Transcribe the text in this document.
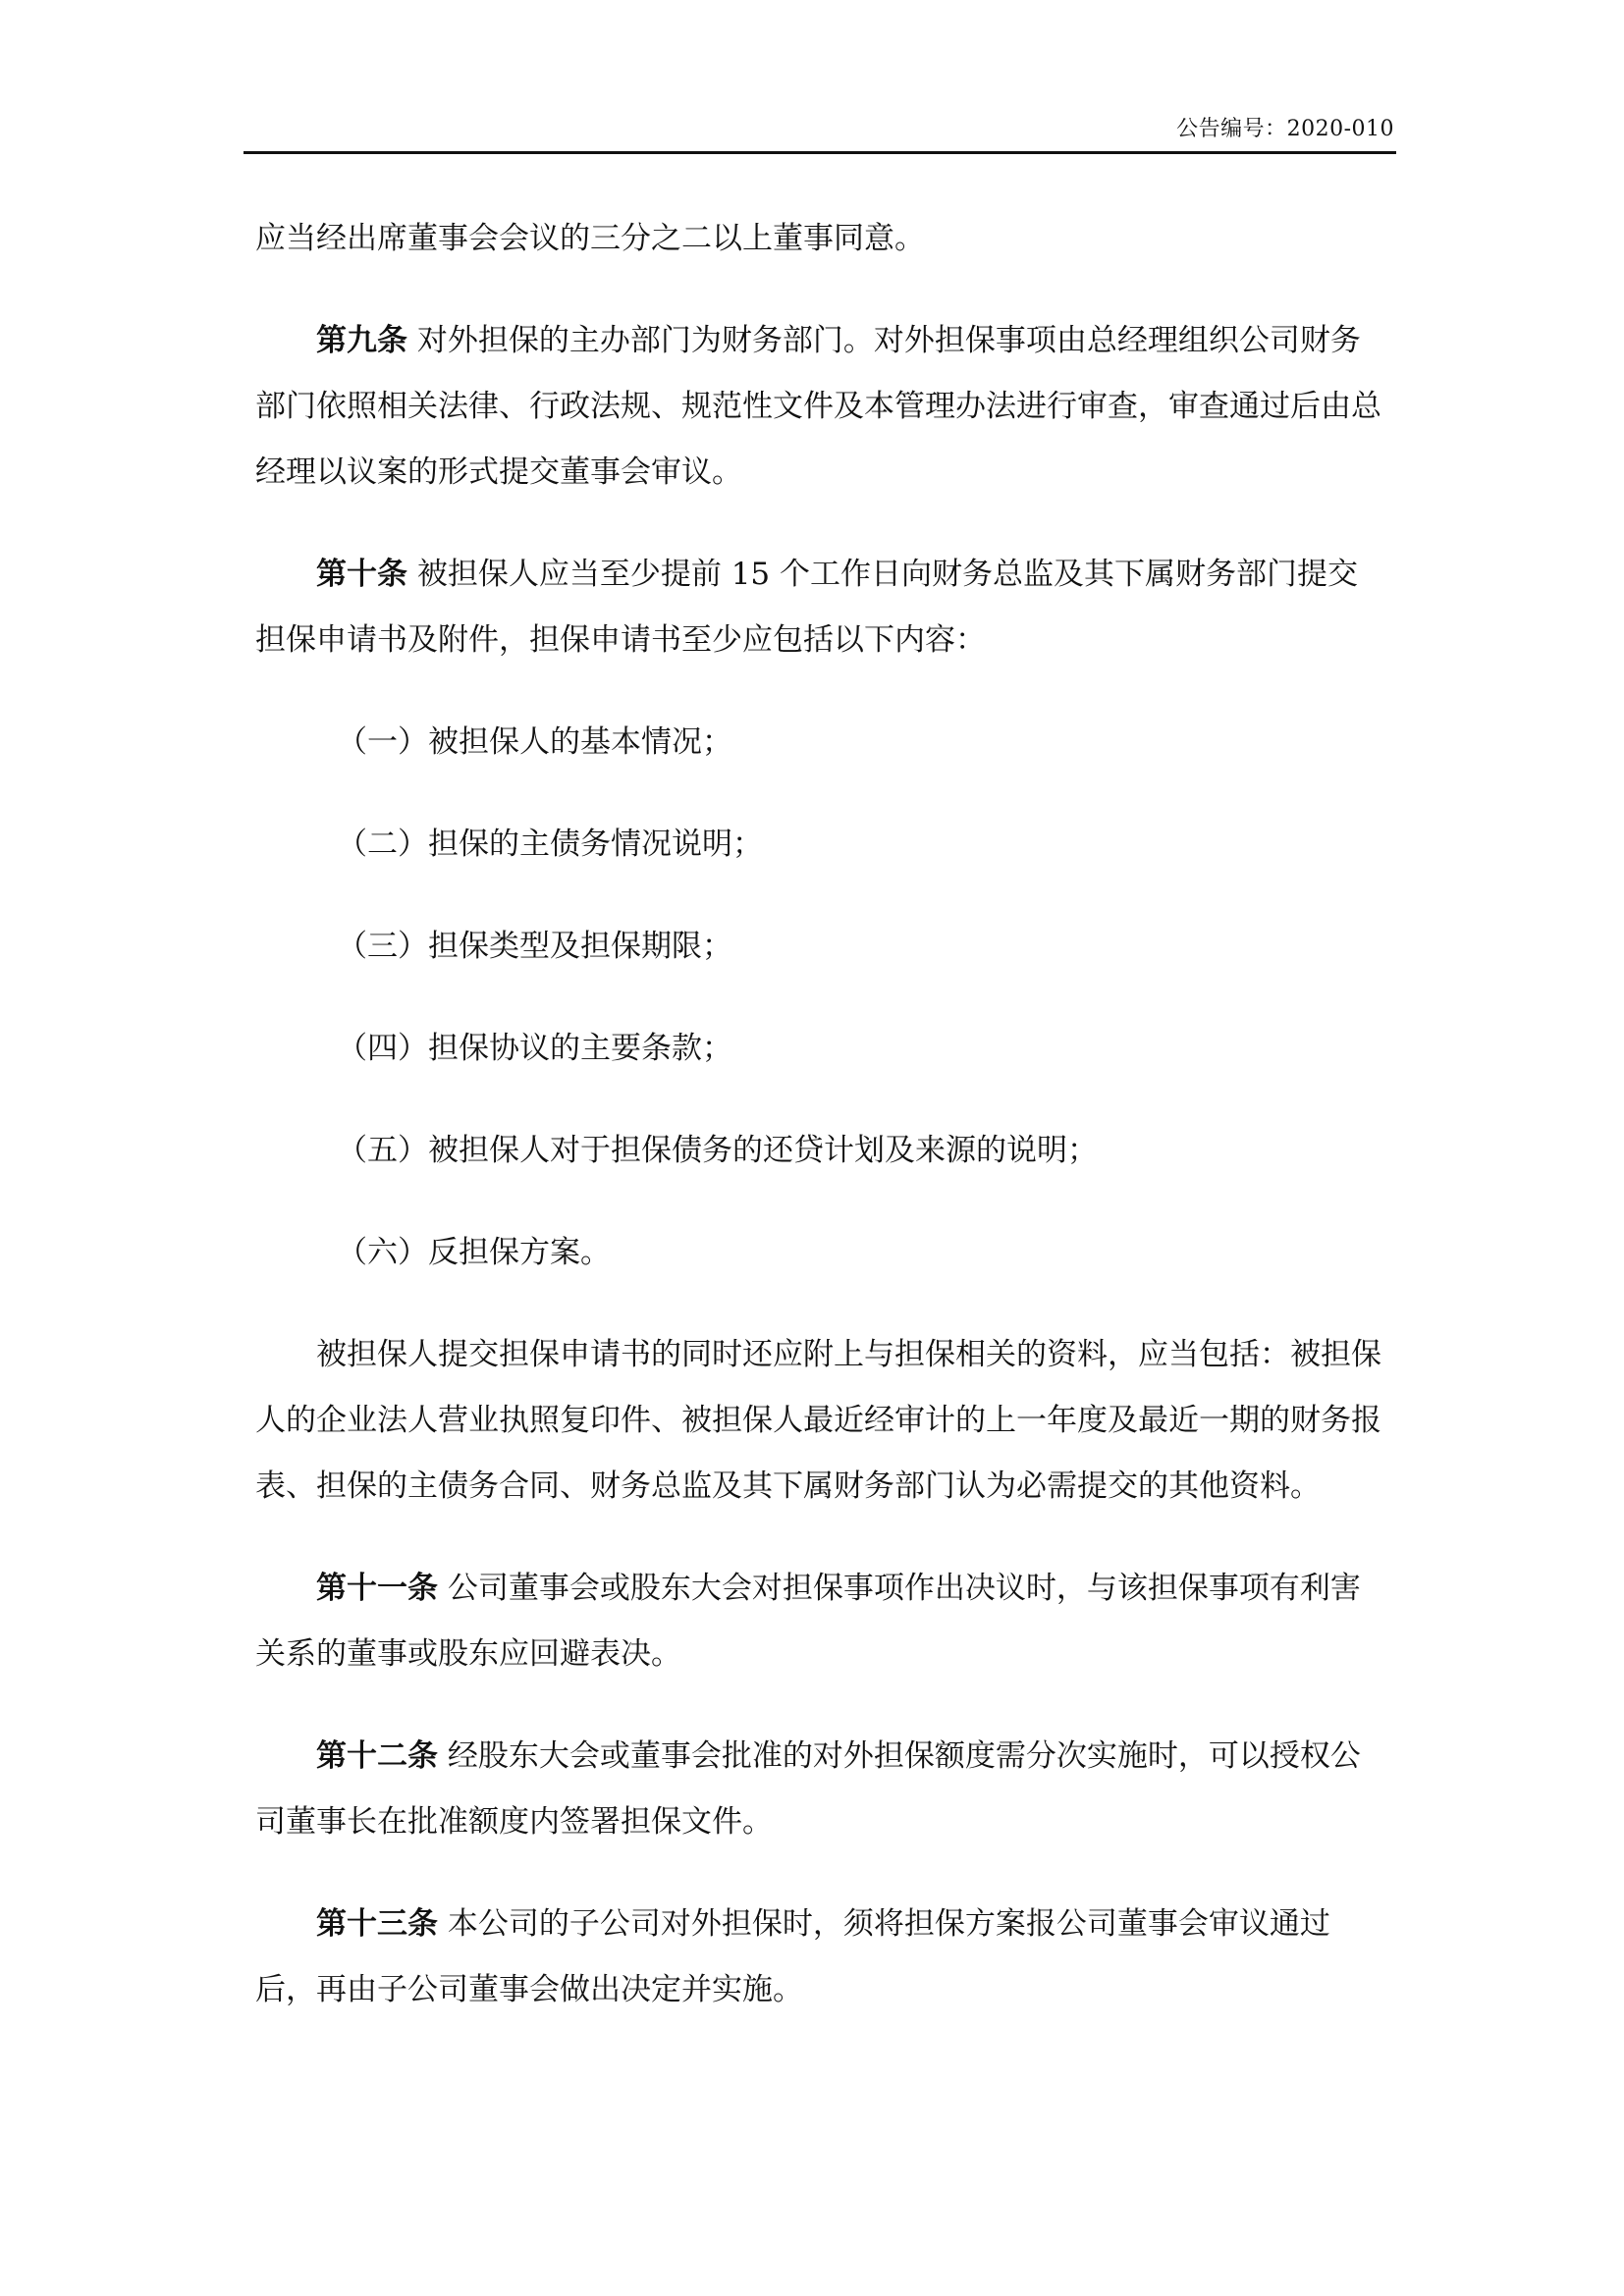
公告编号：2020-010

应当经出席董事会会议的三分之二以上董事同意。

第九条 对外担保的主办部门为财务部门。对外担保事项由总经理组织公司财务部门依照相关法律、行政法规、规范性文件及本管理办法进行审查，审查通过后由总经理以议案的形式提交董事会审议。

第十条 被担保人应当至少提前 15 个工作日向财务总监及其下属财务部门提交担保申请书及附件，担保申请书至少应包括以下内容：

（一）被担保人的基本情况；

（二）担保的主债务情况说明；

（三）担保类型及担保期限；

（四）担保协议的主要条款；

（五）被担保人对于担保债务的还贷计划及来源的说明；

（六）反担保方案。

被担保人提交担保申请书的同时还应附上与担保相关的资料，应当包括：被担保人的企业法人营业执照复印件、被担保人最近经审计的上一年度及最近一期的财务报表、担保的主债务合同、财务总监及其下属财务部门认为必需提交的其他资料。

第十一条 公司董事会或股东大会对担保事项作出决议时，与该担保事项有利害关系的董事或股东应回避表决。

第十二条 经股东大会或董事会批准的对外担保额度需分次实施时，可以授权公司董事长在批准额度内签署担保文件。

第十三条 本公司的子公司对外担保时，须将担保方案报公司董事会审议通过后，再由子公司董事会做出决定并实施。
